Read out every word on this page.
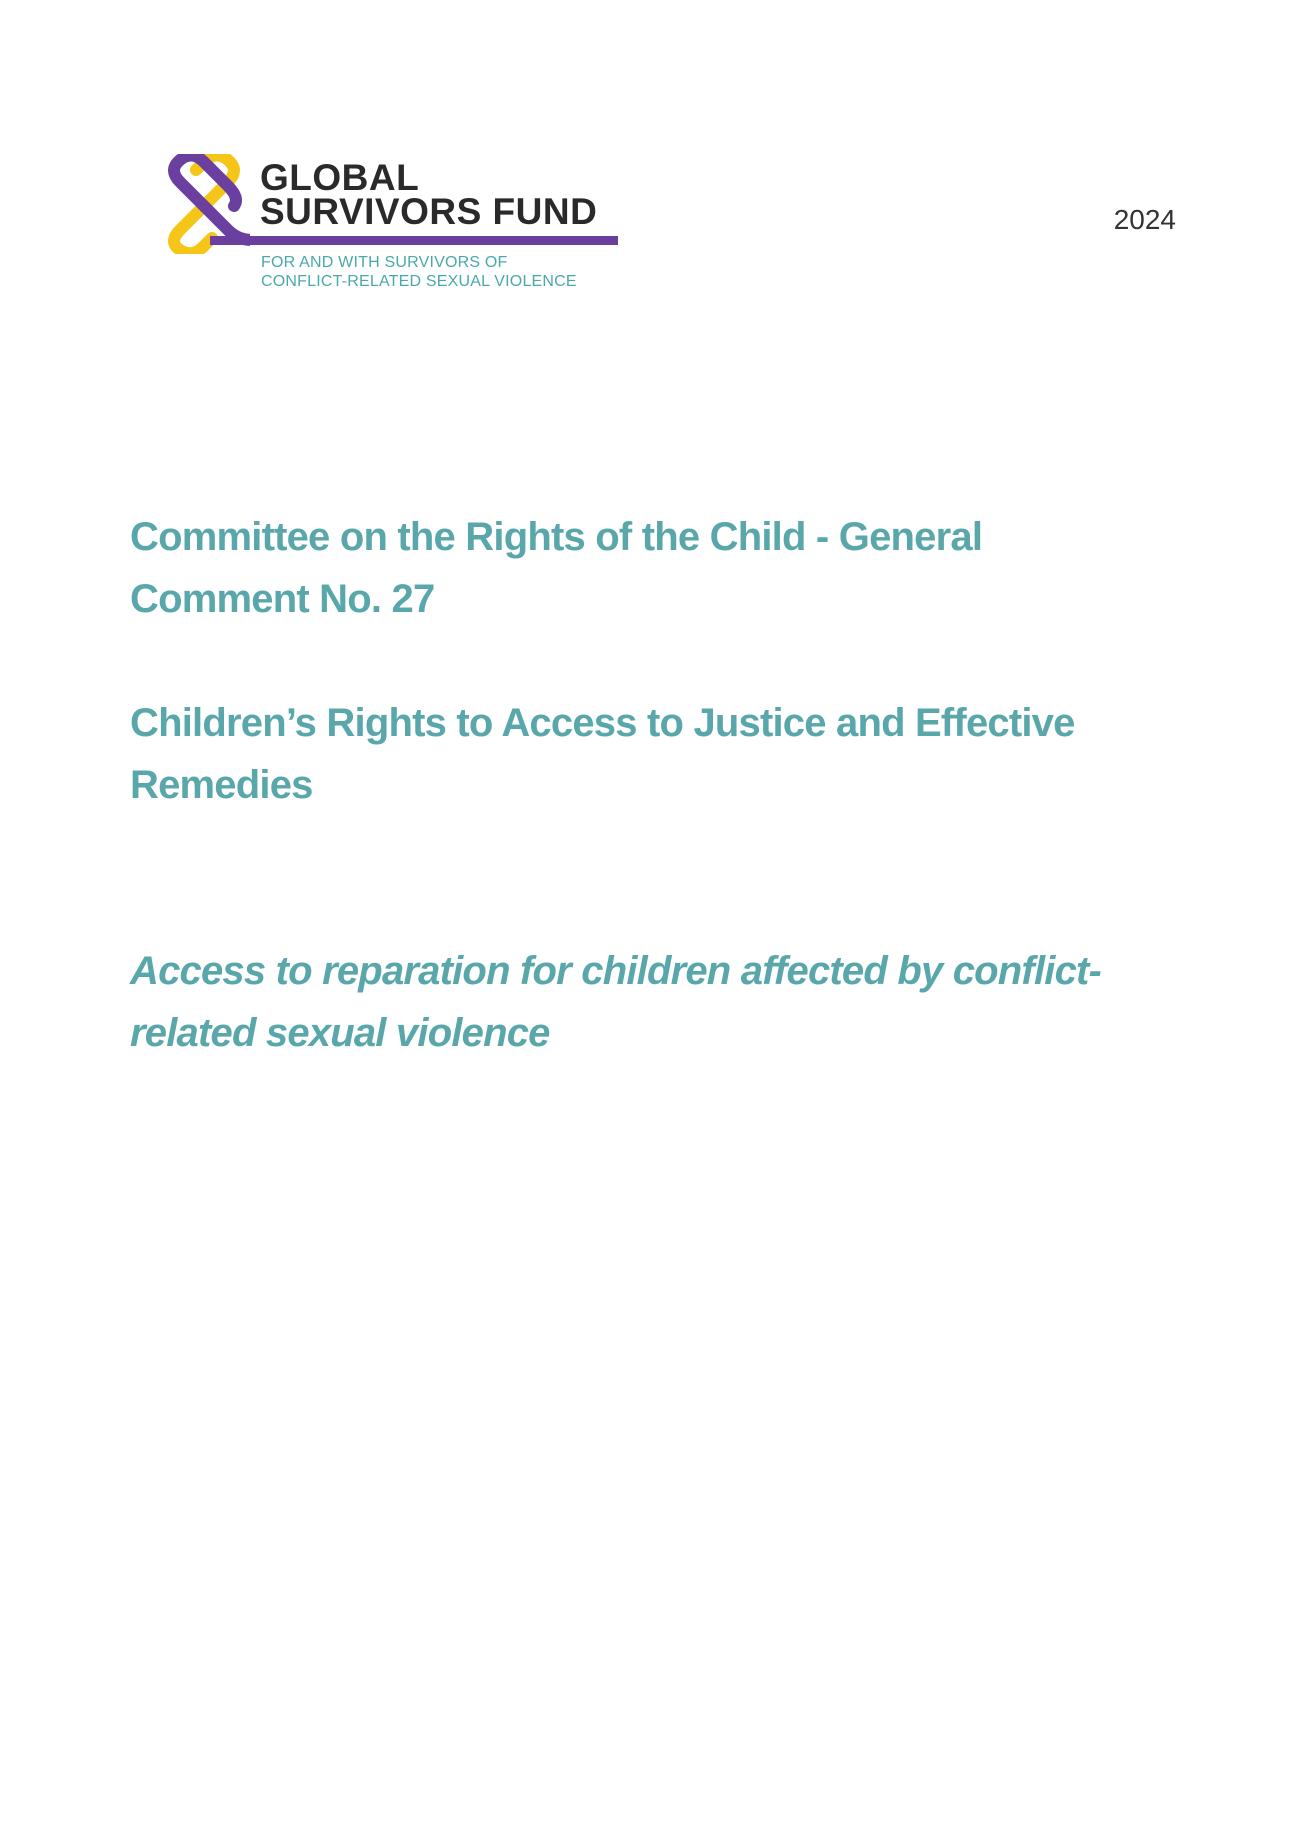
GLOBAL
SURVIVORS FUND
FOR AND WITH SURVIVORS OF
CONFLICT-RELATED SEXUAL VIOLENCE
2024
Committee on the Rights of the Child - General Comment No. 27
Children’s Rights to Access to Justice and Effective Remedies
Access to reparation for children affected by conflict-related sexual violence
